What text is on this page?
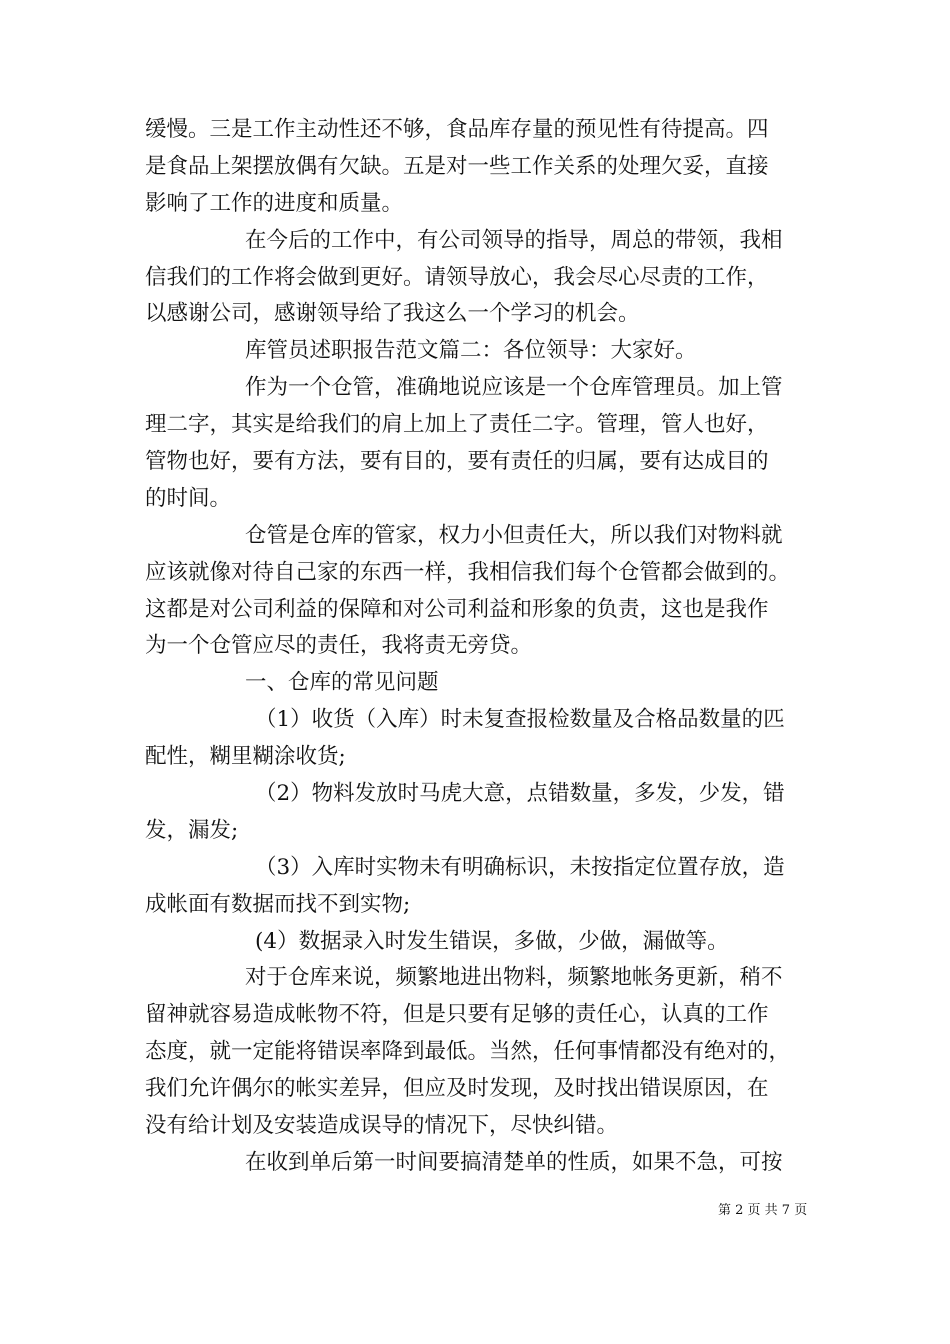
缓慢。三是工作主动性还不够，食品库存量的预见性有待提高。四
是食品上架摆放偶有欠缺。五是对一些工作关系的处理欠妥，直接
影响了工作的进度和质量。
在今后的工作中，有公司领导的指导，周总的带领，我相
信我们的工作将会做到更好。请领导放心，我会尽心尽责的工作，
以感谢公司，感谢领导给了我这么一个学习的机会。
库管员述职报告范文篇二：各位领导：大家好。
作为一个仓管，准确地说应该是一个仓库管理员。加上管
理二字，其实是给我们的肩上加上了责任二字。管理，管人也好，
管物也好，要有方法，要有目的，要有责任的归属，要有达成目的
的时间。
仓管是仓库的管家，权力小但责任大，所以我们对物料就
应该就像对待自己家的东西一样，我相信我们每个仓管都会做到的。
这都是对公司利益的保障和对公司利益和形象的负责，这也是我作
为一个仓管应尽的责任，我将责无旁贷。
一、仓库的常见问题
（1）收货（入库）时未复查报检数量及合格品数量的匹
配性，糊里糊涂收货;
（2）物料发放时马虎大意，点错数量，多发，少发，错
发，漏发;
（3）入库时实物未有明确标识，未按指定位置存放，造
成帐面有数据而找不到实物;
(4）数据录入时发生错误，多做，少做，漏做等。
对于仓库来说，频繁地进出物料，频繁地帐务更新，稍不
留神就容易造成帐物不符，但是只要有足够的责任心，认真的工作
态度，就一定能将错误率降到最低。当然，任何事情都没有绝对的，
我们允许偶尔的帐实差异，但应及时发现，及时找出错误原因，在
没有给计划及安装造成误导的情况下，尽快纠错。
在收到单后第一时间要搞清楚单的性质，如果不急，可按
第 2 页 共 7 页
